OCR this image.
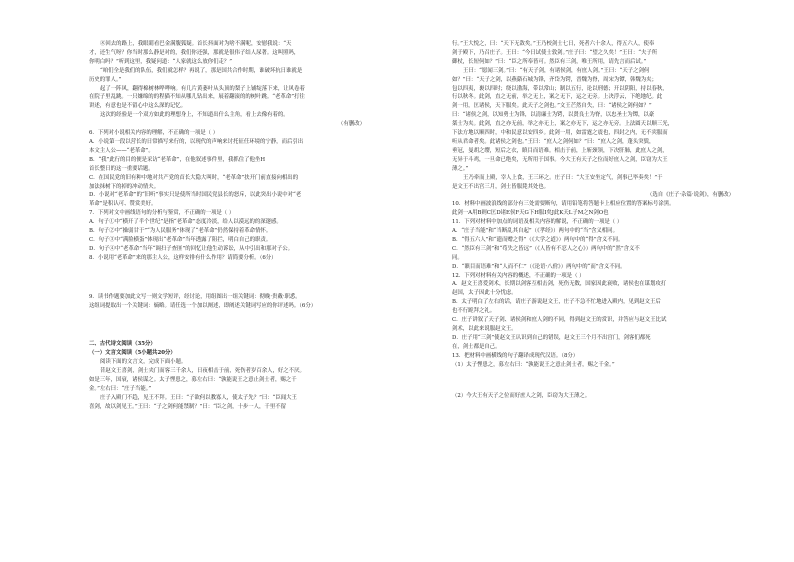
⑧回去的路上，我眼睛看巴金满腹狐疑。首长抖面对为啥不满呢，安慰我说：“天

才，还生气呀？你当时那么静是对的，我们你还强，那就是很伟子结人尿著。这叫照吗，

你明白吗？”听到这里，我疑问道：“人家就这么放你们走？”

“咱们全是我们的队伍，我们就怎样？再说了，那是国共合作时期，谁破坏抗日谁就是

历史的罪人。”

起了一阵风，翻得棉树林哗哗响。有几片黄萎叶从头顶的梨子上铺绽落下来，让风卷着

在院子里乱跳。一只嫌绵的的程猫不知从哪儿钻出来，展着翻滚的的树叶跳。“老革命”打往

讲述，有意也是不留心中这么深的记忆。

这次的经验是一个双方如此的理想身上，不知道出什么主角，看上去像有着的。

（有删改）

6．下列对小说相关内容的理解，不正确的一项是（ ）

A．小说第一段以营长的日常描写来行的，以现代的声响来讨托征任环境的宁静，而后引出

本文主人公——“老革命”。

B．“我”此行的目的便是采访“老革命”，在他叙述事件里，我抓住了他坐H

首长整日的这一重要话题。

C．在国民党的旧有种中地对共产党的首长大隐大叫时，“老革命”扶开门前直接向相出的

加法抹树下的掉的冲动情夫。

D．小说对“老革命”的“旧听”事实只是使所当时国民党县长的怒斥，以此突出小说中对“老

革命”是积认可、赞赏美好。

7．下列对文中画线语句的分析与鉴赏，不正确的一项是（ ）

A．句子①中“横开了半个世纪”是指“老革命”态度冷淡，给人以漠远的的深邃感。

B．句子②中“操弱甘于”“为人民服务”体现了“老革命”仍然保持着革命情怀。

C．句子③中“满脸横蛋”体现出“老革命”当年透露了阻拦，明白自己的职责。

D．句子④中“老革命”当年“调扫子查匪”的回忆让他生动诉讼，从中引出和那对子公。

8．小说用“老革命”来的那主人公，这样安排有什么作用？请简要分析。（6分）

9．读书作题要加此文写一则文学短评，经讨论，用组图出一组关键词：彻晚·贵戴·职悉。

这组词提取出一个关键词：熵略。请任选一个加以阐述，即阐述关键词写应的你评述吗。（6分）

二、古代诗文阅读（35分）

（一）文言文阅读（5小题共20分）

阅读下面的文言文，完成下面小题。

昔赵文王喜剑，剑士夹门而客三千余人，日夜相击于前，死伤者岁百余人，好之不厌。

如是三年，国衰，诸侯谋之。太子悝患之，募左右曰：“孰能说王之意止剑士者，赐之千

金。”左右曰：“庄子当能。”

庄子入殿门不趋，见王不拜。王曰：“子欲何以教寡人，使太子先？”曰：“臣闻大王

喜剑，故以剑见王。”王曰：“子之剑何能禁制？”曰：“臣之剑，十步一人，千里不留

行。”王大悦之，曰：“天下无敌矣。”王乃校剑士七日，死者六十余人，得五六人，使奉

剑于殿下，乃召庄子。王曰：“今日试使士敦剑。”庄子曰：“望之久矣！”王曰：“夫子所

御杖，长短何如？”曰：“臣之所奉皆可。然臣有三剑，唯王所用，请先言而后试。”

王曰：“愿闻三剑。”曰：“有天子剑，有诸侯剑，有庶人剑。”王曰：“天子之剑何

如？”曰：“天子之剑，以燕谿石城为锋，齐岱为锷，晋魏为脊，周宋为镡，韩魏为夹；

包以四夷，裹以四时；绕以渤海，带以常山；制以五行，论以刑德；开以阴阳，持以春秋，

行以秋冬。此剑，直之无前，举之无上，案之无下，运之无旁。上决浮云，下绝地纪。此

剑一用，匡诸侯，天下服矣。此天子之剑也。”文王芒然自失，曰：“诸侯之剑何如？”

曰：“诸侯之剑，以知勇士为锋，以清廉士为锷，以贤良士为脊，以忠圣士为镡，以豪

桀士为夹。此剑，直之亦无前，举之亦无上，案之亦无下，运之亦无旁。上法圆天以顺三光，

下法方地以顺四时，中和民意以安四乡。此剑一用，如雷霆之震也，四封之内，无不宾服而

听从君命者矣。此诸侯之剑也。”王曰：“庶人之剑何如？”曰：“庶人之剑，蓬头突鬓，

垂冠，曼胡之缨，短后之衣，瞋目而语难。相击于前，上斩颈领，下决肝肺，此庶人之剑，

无异于斗鸡，一旦命已绝矣，无所用于国事。今大王有天子之位而好庶人之剑，臣窃为大王

薄之。”

王乃牵而上殿，宰人上食，王三环之。庄子曰：“大王安坐定气，剑事已毕奏矣！”于

是文王不出宫三月，剑士皆服毙其处也。

（选自《庄子·杂篇·说剑》，有删改）

10．材料中画波浪线的部分有三处需要断句，请用铅笔将答题卡上相应位置的答案标号涂黑。

此剑一A用B则C匡D诸E侯F天G下H服I矣J此K天L子M之N剑O也

11．下列对材料中加点的词语及相关内容的解说，不正确的一项是（ ）

A．“庄子当能”和“当断乱其自起”（《孝经》）两句中的“当”含义相同。

B．“得五六人”和“遗而赠之得”（《大学之道》）两句中的“得”含义不同。

C．“然臣有三剑”和“苟失之皆远”（《人皆有不忍人之心》）两句中的“然”含义不

同。

D．“瞋目而语难”和“人而不仁”（《论语·八佾》）两句中的“而”含义不同。

12．下列对材料有关内容的概述，不正确的一项是（ ）

A．赵文王喜爱剑术，长期以剑客互相击剑，死伤无数，国家因此衰败，诸侯也在谋划攻打

赵国，太子因此十分忧虑。

B．太子明白了左右的话，请庄子游说赵文王，庄子不急不忙地进入殿内，见到赵文王后

也不行跪拜之礼。

C．庄子讲叙了天子剑、诸侯剑和庶人剑的不同，得到赵文王的赏识，并答应与赵文王比试

剑术，以此来说服赵文王。

D．庄子用“三剑”使赵文王认识到自己的错误，赵文王三个月不出宫门，剑客们都死

在，剑士都是自己。

13．把材料中画横线的句子翻译成现代汉语。（8分）

（1）太子悝患之，募左右曰：“孰能说王之意止剑士者，赐之千金。”

（2）今大王有天子之位而好庶人之剑，臣窃为大王薄之。
